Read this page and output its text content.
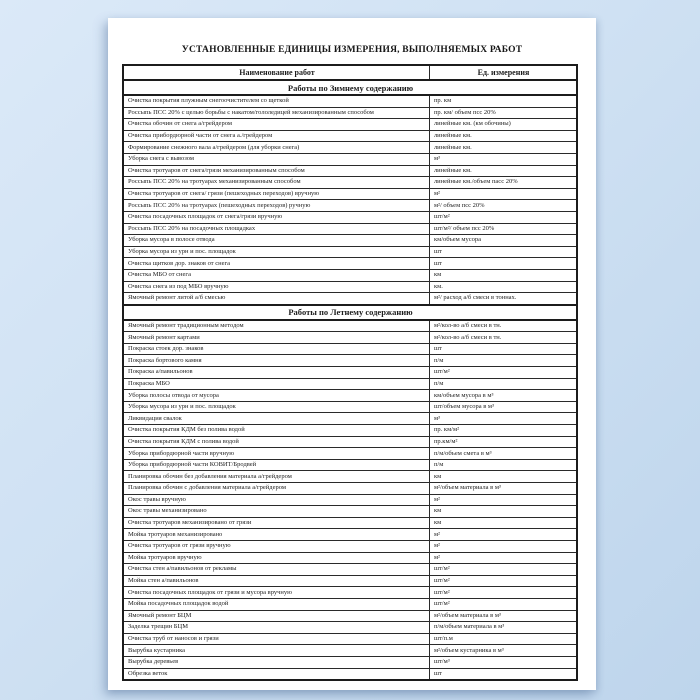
УСТАНОВЛЕННЫЕ ЕДИНИЦЫ ИЗМЕРЕНИЯ, ВЫПОЛНЯЕМЫХ РАБОТ
Наименование работ	Ед. измерения
Работы по Зимнему содержанию	
Очистка покрытия плужным снегоочистителем со щеткой	пр. км
Россыпь ПСС 20% с целью борьбы с накатом/гололедицей механизированным способом	пр. км/ объем псс 20%
Очистка обочин от снега а/грейдером	линейные км. (км обочины)
Очистка прибордюрной части от снега а./грейдером	линейные км.
Формирование снежного вала а/грейдером (для уборки снега)	линейные км.
Уборка снега с вывозом	м³
Очистка тротуаров от снега/грязи механизированным способом	линейные км.
Россыпь ПСС 20% на тротуарах механизированным способом	линейные км./объем пасс 20%
Очистка тротуаров от снега/ грязи (пешеходных переходов) вручную	м²
Россыпь ПСС 20% на тротуарах (пешеходных переходов) ручную	м²/ объем псс 20%
Очистка посадочных площадок от снега/грязи вручную	шт/м²
Россыпь ПСС 20% на посадочных площадках	шт/м²/ объем псс 20%
Уборка мусора в полосе отвода	км/объем мусора
Уборка мусора из урн и пос. площадок	шт
Очистка щитков дор. знаков от снега	шт
Очистка МБО от снега	км
Очистка снега из под МБО вручную	км.
Ямочный ремонт литой а/б смесью	м²/ расход а/б смеси в тоннах.
Работы по Летнему содержанию	
Ямочный ремонт традиционным методом	м²/кол-во а/б смеси в тн.
Ямочный ремонт картами	м²/кол-во а/б смеси в тн.
Покраска стоек дор. знаков	шт
Покраска бортового камня	п/м
Покраска а/павильонов	шт/м²
Покраска МБО	п/м
Уборка полосы отвода от мусора	км/объем мусора в м³
Уборка мусора из урн и пос. площадок	шт/объем мусора в м³
Ликвидация свалок	м³
Очистка покрытия КДМ без полива водой	пр. км/м²
Очистка покрытия КДМ с полива водой	пр.км/м²
Уборка прибордюрной части вручную	п/м/объем смета в м³
Уборка прибордюрной части КОВИТ/Бродвей	п/м
Планировка обочин без добавления материала а/грейдером	км
Планировка обочин с добавления материала а/грейдером	м²/объем материала в м³
Окос травы вручную	м²
Окос травы механизировано	км
Очистка тротуаров механизировано от грязи	км
Мойка тротуаров механизировано	м²
Очистка тротуаров от грязи вручную	м²
Мойка тротуаров вручную	м²
Очистка стен а/павильонов от рекламы	шт/м²
Мойка стен а/павильонов	шт/м²
Очистка посадочных площадок от грязи и мусора вручную	шт/м²
Мойка посадочных площадок водой	шт/м²
Ямочный ремонт БЦМ	м²/объем материала в м³
Заделка трещин БЦМ	п/м/объем материала в м³
Очистка труб от наносов и грязи	шт/п.м
Вырубка кустарника	м²/объем кустарника в м³
Вырубка деревьев	шт/м³
Обрезка веток	шт
